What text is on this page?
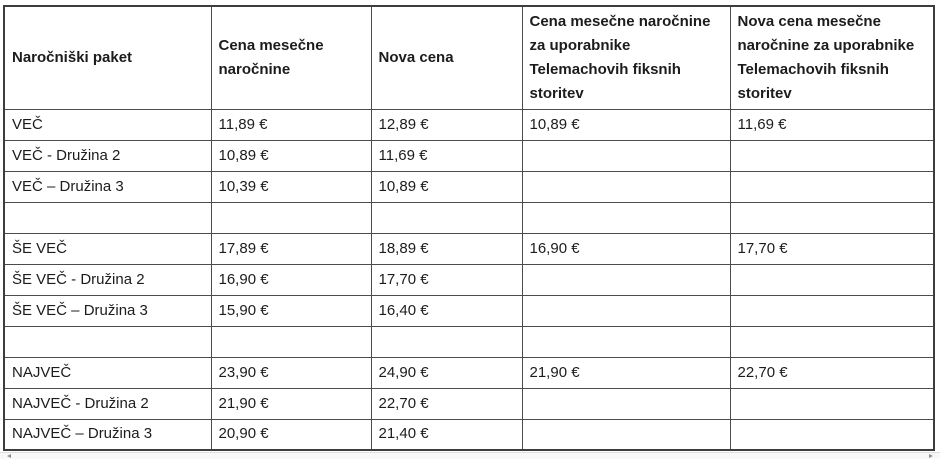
Naročniški paket	Cena mesečne naročnine	Nova cena	Cena mesečne naročnine za uporabnike Telemachovih fiksnih storitev	Nova cena mesečne naročnine za uporabnike Telemachovih fiksnih storitev
VEČ	11,89 €	12,89 €	10,89 €	11,69 €
VEČ - Družina 2	10,89 €	11,69 €		
VEČ – Družina 3	10,39 €	10,89 €		

ŠE VEČ	17,89 €	18,89 €	16,90 €	17,70 €
ŠE VEČ - Družina 2	16,90 €	17,70 €		
ŠE VEČ – Družina 3	15,90 €	16,40 €		

NAJVEČ	23,90 €	24,90 €	21,90 €	22,70 €
NAJVEČ - Družina 2	21,90 €	22,70 €		
NAJVEČ – Družina 3	20,90 €	21,40 €		
